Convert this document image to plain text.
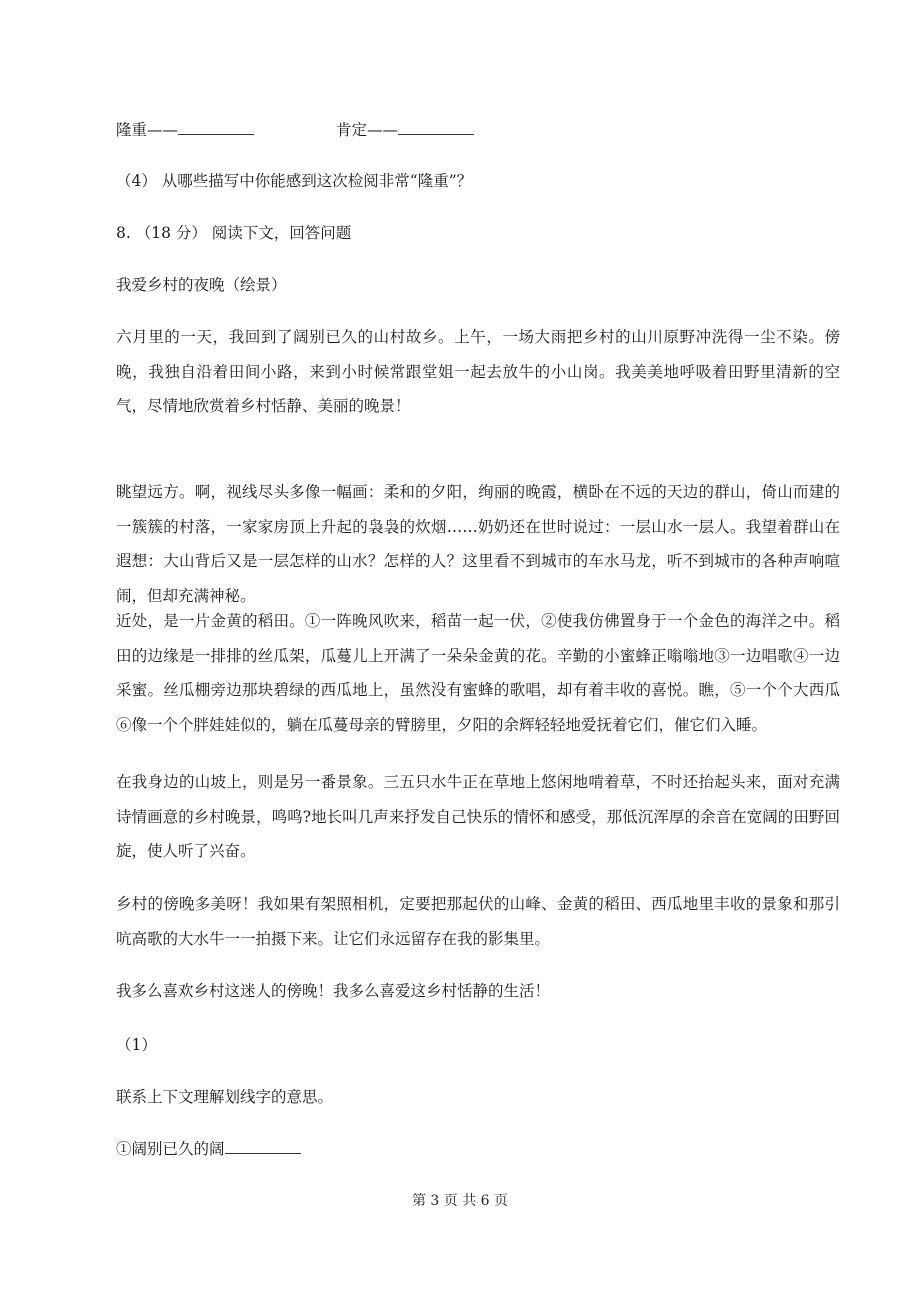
隆重——	肯定——
（4） 从哪些描写中你能感到这次检阅非常“隆重”？
8. （18 分） 阅读下文，回答问题
我爱乡村的夜晚（绘景）

六月里的一天，我回到了阔别已久的山村故乡。上午，一场大雨把乡村的山川原野冲洗得一尘不染。傍晚，我独自沿着田间小路，来到小时候常跟堂姐一起去放牛的小山岗。我美美地呼吸着田野里清新的空气，尽情地欣赏着乡村恬静、美丽的晚景！

眺望远方。啊，视线尽头多像一幅画：柔和的夕阳，绚丽的晚霞，横卧在不远的天边的群山，倚山而建的一簇簇的村落，一家家房顶上升起的袅袅的炊烟……奶奶还在世时说过：一层山水一层人。我望着群山在遐想：大山背后又是一层怎样的山水？怎样的人？这里看不到城市的车水马龙，听不到城市的各种声响喧闹，但却充满神秘。

近处，是一片金黄的稻田。①一阵晚风吹来，稻苗一起一伏，②使我仿佛置身于一个金色的海洋之中。稻田的边缘是一排排的丝瓜架，瓜蔓儿上开满了一朵朵金黄的花。辛勤的小蜜蜂正嗡嗡地③一边唱歌④一边采蜜。丝瓜棚旁边那块碧绿的西瓜地上，虽然没有蜜蜂的歌唱，却有着丰收的喜悦。瞧，⑤一个个大西瓜⑥像一个个胖娃娃似的，躺在瓜蔓母亲的臂膀里，夕阳的余辉轻轻地爱抚着它们，催它们入睡。

在我身边的山坡上，则是另一番景象。三五只水牛正在草地上悠闲地啃着草，不时还抬起头来，面对充满诗情画意的乡村晚景，鸣鸣?地长叫几声来抒发自己快乐的情怀和感受，那低沉浑厚的余音在宽阔的田野回旋，使人听了兴奋。

乡村的傍晚多美呀！我如果有架照相机，定要把那起伏的山峰、金黄的稻田、西瓜地里丰收的景象和那引吭高歌的大水牛一一拍摄下来。让它们永远留存在我的影集里。

我多么喜欢乡村这迷人的傍晚！我多么喜爱这乡村恬静的生活！

（1）
联系上下文理解划线字的意思。
①阔别已久的阔
第 3 页 共 6 页
